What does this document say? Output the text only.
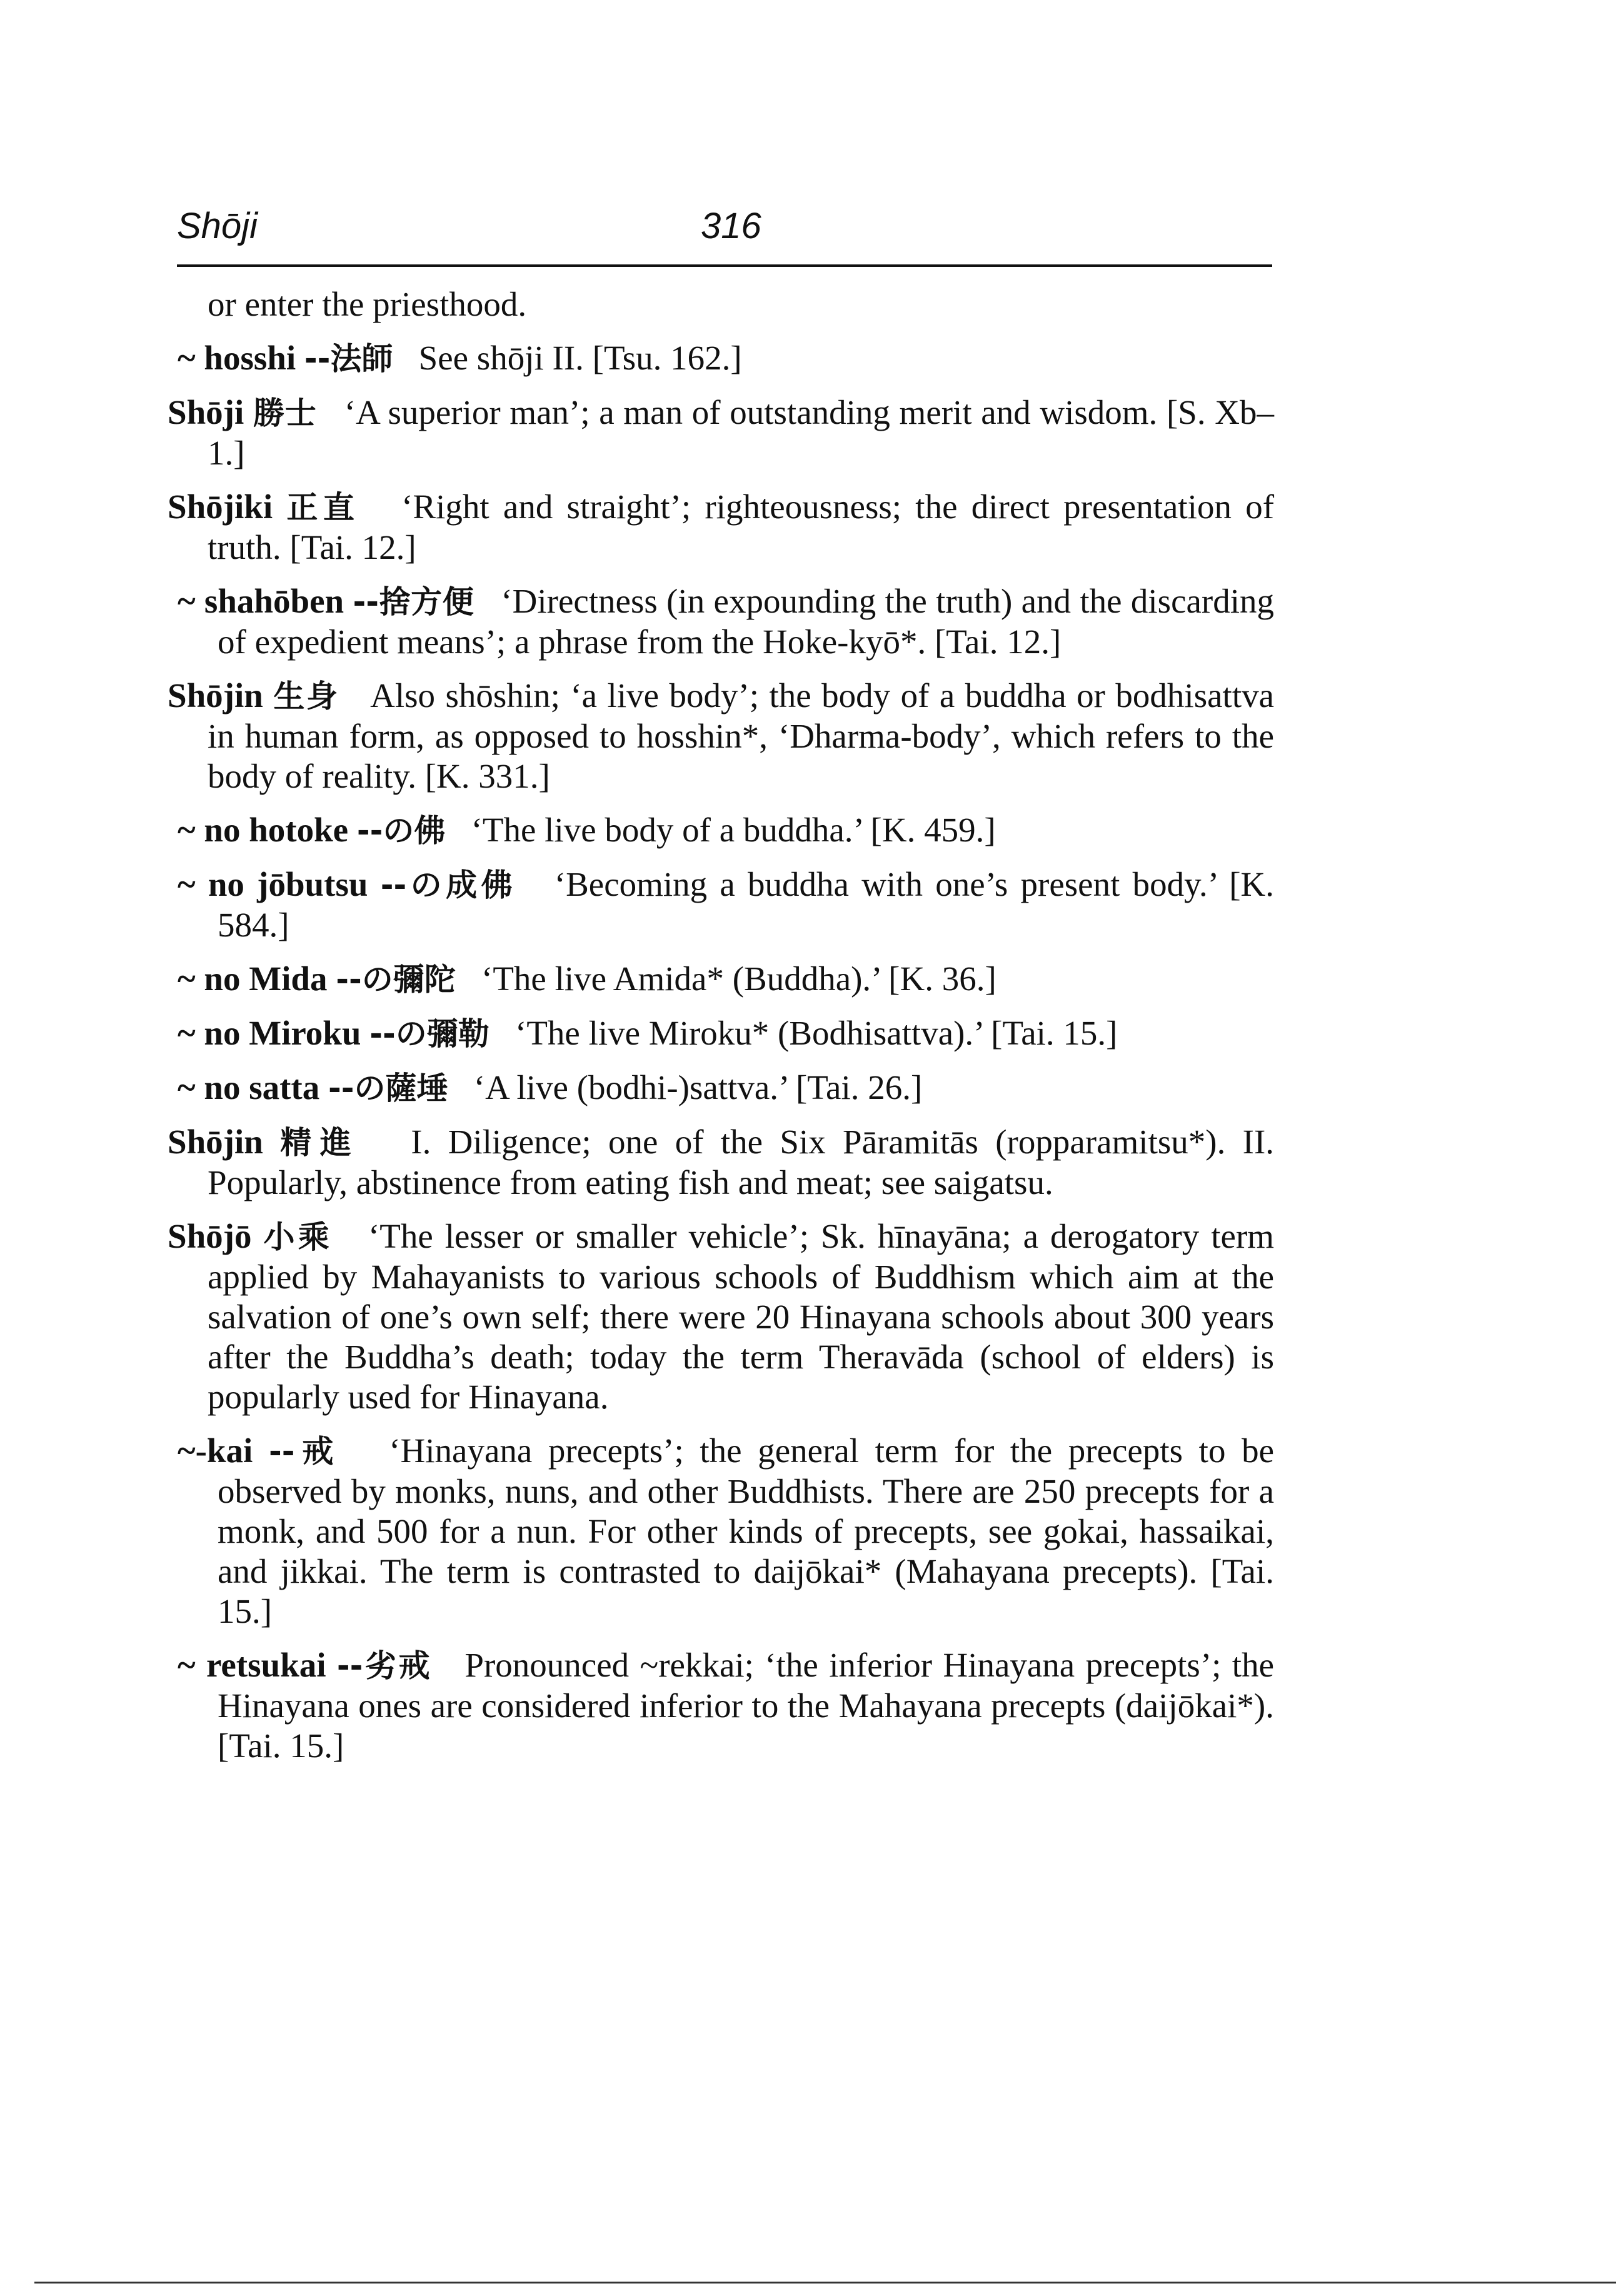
Shōji	316

or enter the priesthood.

~ hosshi --法師 See shōji II. [Tsu. 162.]

Shōji 勝士 ‘A superior man’; a man of outstanding merit and wisdom. [S. Xb–1.]

Shōjiki 正直 ‘Right and straight’; righteousness; the direct presentation of truth. [Tai. 12.]

~ shahōben --捨方便 ‘Directness (in expounding the truth) and the discarding of expedient means’; a phrase from the Hoke-kyō*. [Tai. 12.]

Shōjin 生身 Also shōshin; ‘a live body’; the body of a buddha or bodhisattva in human form, as opposed to hosshin*, ‘Dharma-body’, which refers to the body of reality. [K. 331.]

~ no hotoke --の佛 ‘The live body of a buddha.’ [K. 459.]

~ no jōbutsu --の成佛 ‘Becoming a buddha with one’s present body.’ [K. 584.]

~ no Mida --の彌陀 ‘The live Amida* (Buddha).’ [K. 36.]

~ no Miroku --の彌勒 ‘The live Miroku* (Bodhisattva).’ [Tai. 15.]

~ no satta --の薩埵 ‘A live (bodhi-)sattva.’ [Tai. 26.]

Shōjin 精進 I. Diligence; one of the Six Pāramitās (ropparamitsu*). II. Popularly, abstinence from eating fish and meat; see saigatsu.

Shōjō 小乘 ‘The lesser or smaller vehicle’; Sk. hīnayāna; a derogatory term applied by Mahayanists to various schools of Buddhism which aim at the salvation of one’s own self; there were 20 Hinayana schools about 300 years after the Buddha’s death; today the term Theravāda (school of elders) is popularly used for Hinayana.

~-kai --戒 ‘Hinayana precepts’; the general term for the precepts to be observed by monks, nuns, and other Buddhists. There are 250 precepts for a monk, and 500 for a nun. For other kinds of precepts, see gokai, hassaikai, and jikkai. The term is contrasted to daijōkai* (Mahayana precepts). [Tai. 15.]

~ retsukai --劣戒 Pronounced ~rekkai; ‘the inferior Hinayana precepts’; the Hinayana ones are considered inferior to the Mahayana precepts (daijōkai*). [Tai. 15.]
